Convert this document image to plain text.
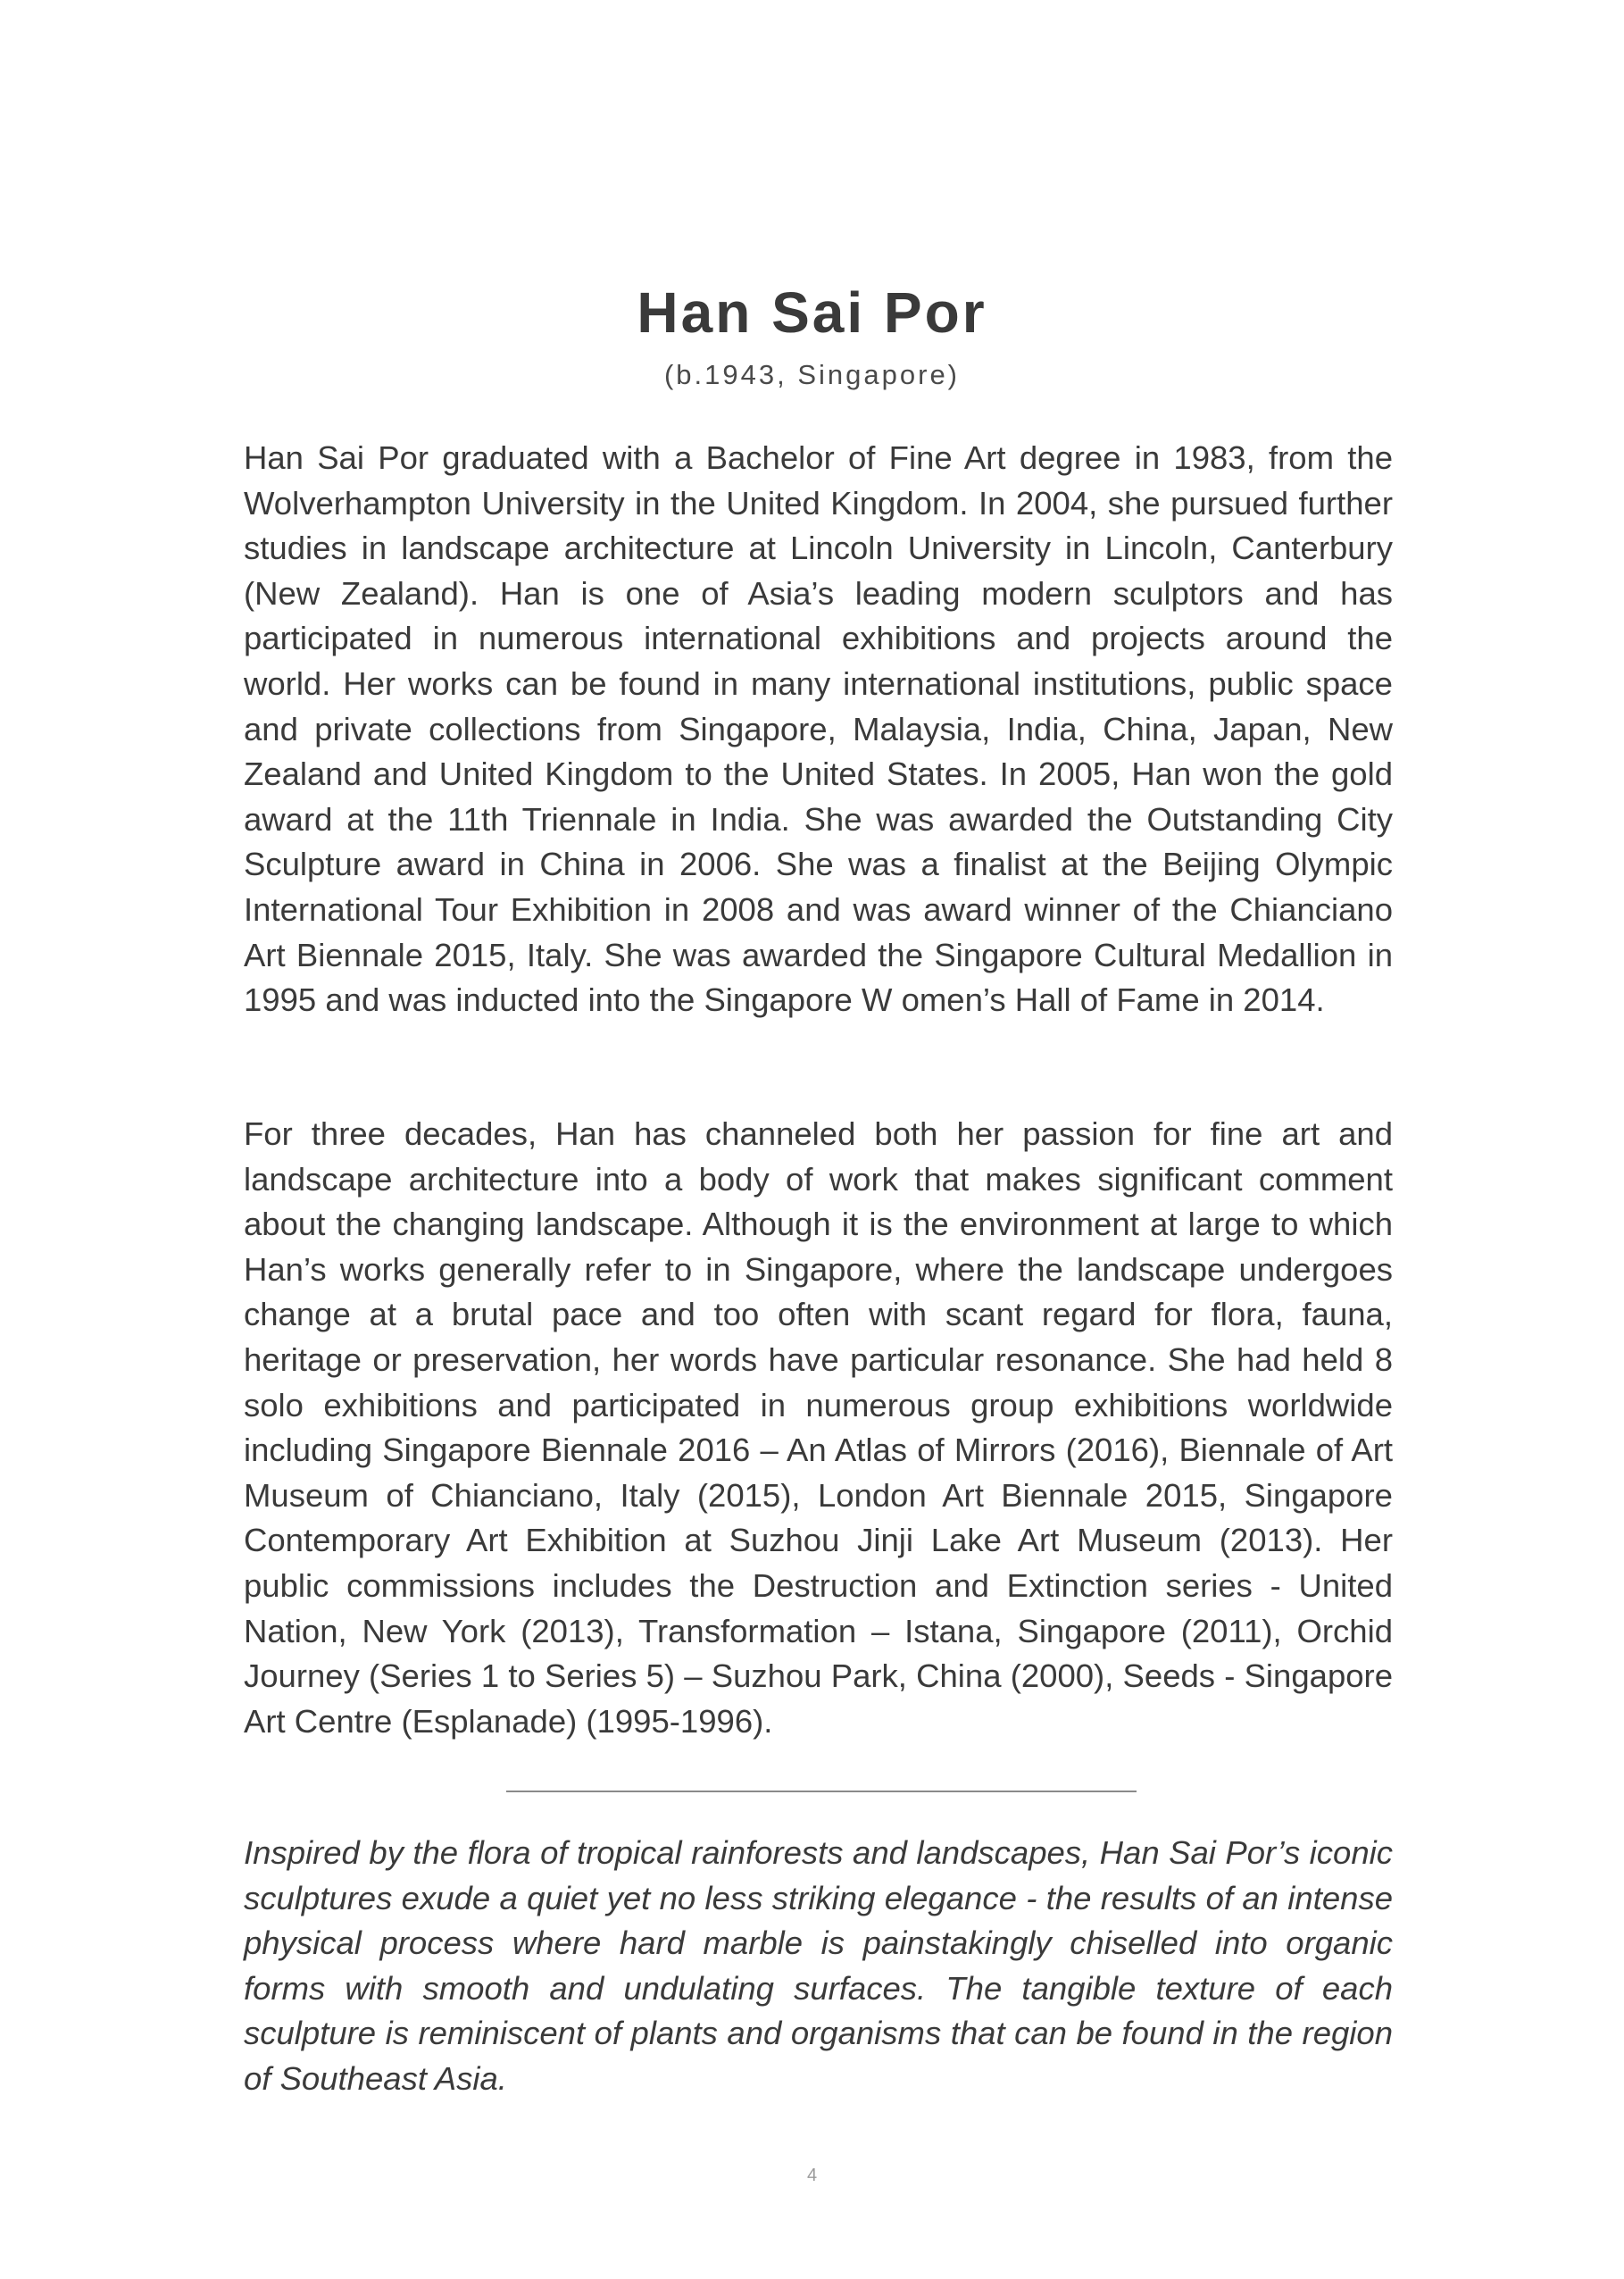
Han Sai Por
(b.1943, Singapore)
Han Sai Por graduated with a Bachelor of Fine Art degree in 1983, from the Wolverhampton University in the United Kingdom. In 2004, she pursued further studies in landscape architecture at Lincoln University in Lincoln, Canterbury (New Zealand). Han is one of Asia’s leading modern sculptors and has participated in numerous international exhibitions and projects around the world. Her works can be found in many international institutions, public space and private collections from Singapore, Malaysia, India, China, Japan, New Zealand and United Kingdom to the United States. In 2005, Han won the gold award at the 11th Triennale in India. She was awarded the Outstanding City Sculpture award in China in 2006. She was a finalist at the Beijing Olympic International Tour Exhibition in 2008 and was award winner of the Chianciano Art Biennale 2015, Italy. She was awarded the Singapore Cultural Medallion in 1995 and was inducted into the Singapore W omen’s Hall of Fame in 2014.
For three decades, Han has channeled both her passion for fine art and landscape architecture into a body of work that makes significant comment about the changing landscape. Although it is the environment at large to which Han’s works generally refer to in Singapore, where the landscape undergoes change at a brutal pace and too often with scant regard for flora, fauna, heritage or preservation, her words have particular resonance. She had held 8 solo exhibitions and participated in numerous group exhibitions worldwide including Singapore Biennale 2016 – An Atlas of Mirrors (2016), Biennale of Art Museum of Chianciano, Italy (2015), London Art Biennale 2015, Singapore Contemporary Art Exhibition at Suzhou Jinji Lake Art Museum (2013). Her public commissions includes the Destruction and Extinction series - United Nation, New York (2013), Transformation – Istana, Singapore (2011), Orchid Journey (Series 1 to Series 5) – Suzhou Park, China (2000), Seeds - Singapore Art Centre (Esplanade) (1995-1996).
Inspired by the flora of tropical rainforests and landscapes, Han Sai Por’s iconic sculptures exude a quiet yet no less striking elegance - the results of an intense physical process where hard marble is painstakingly chiselled into organic forms with smooth and undulating surfaces. The tangible texture of each sculpture is reminiscent of plants and organisms that can be found in the region of Southeast Asia.
4
